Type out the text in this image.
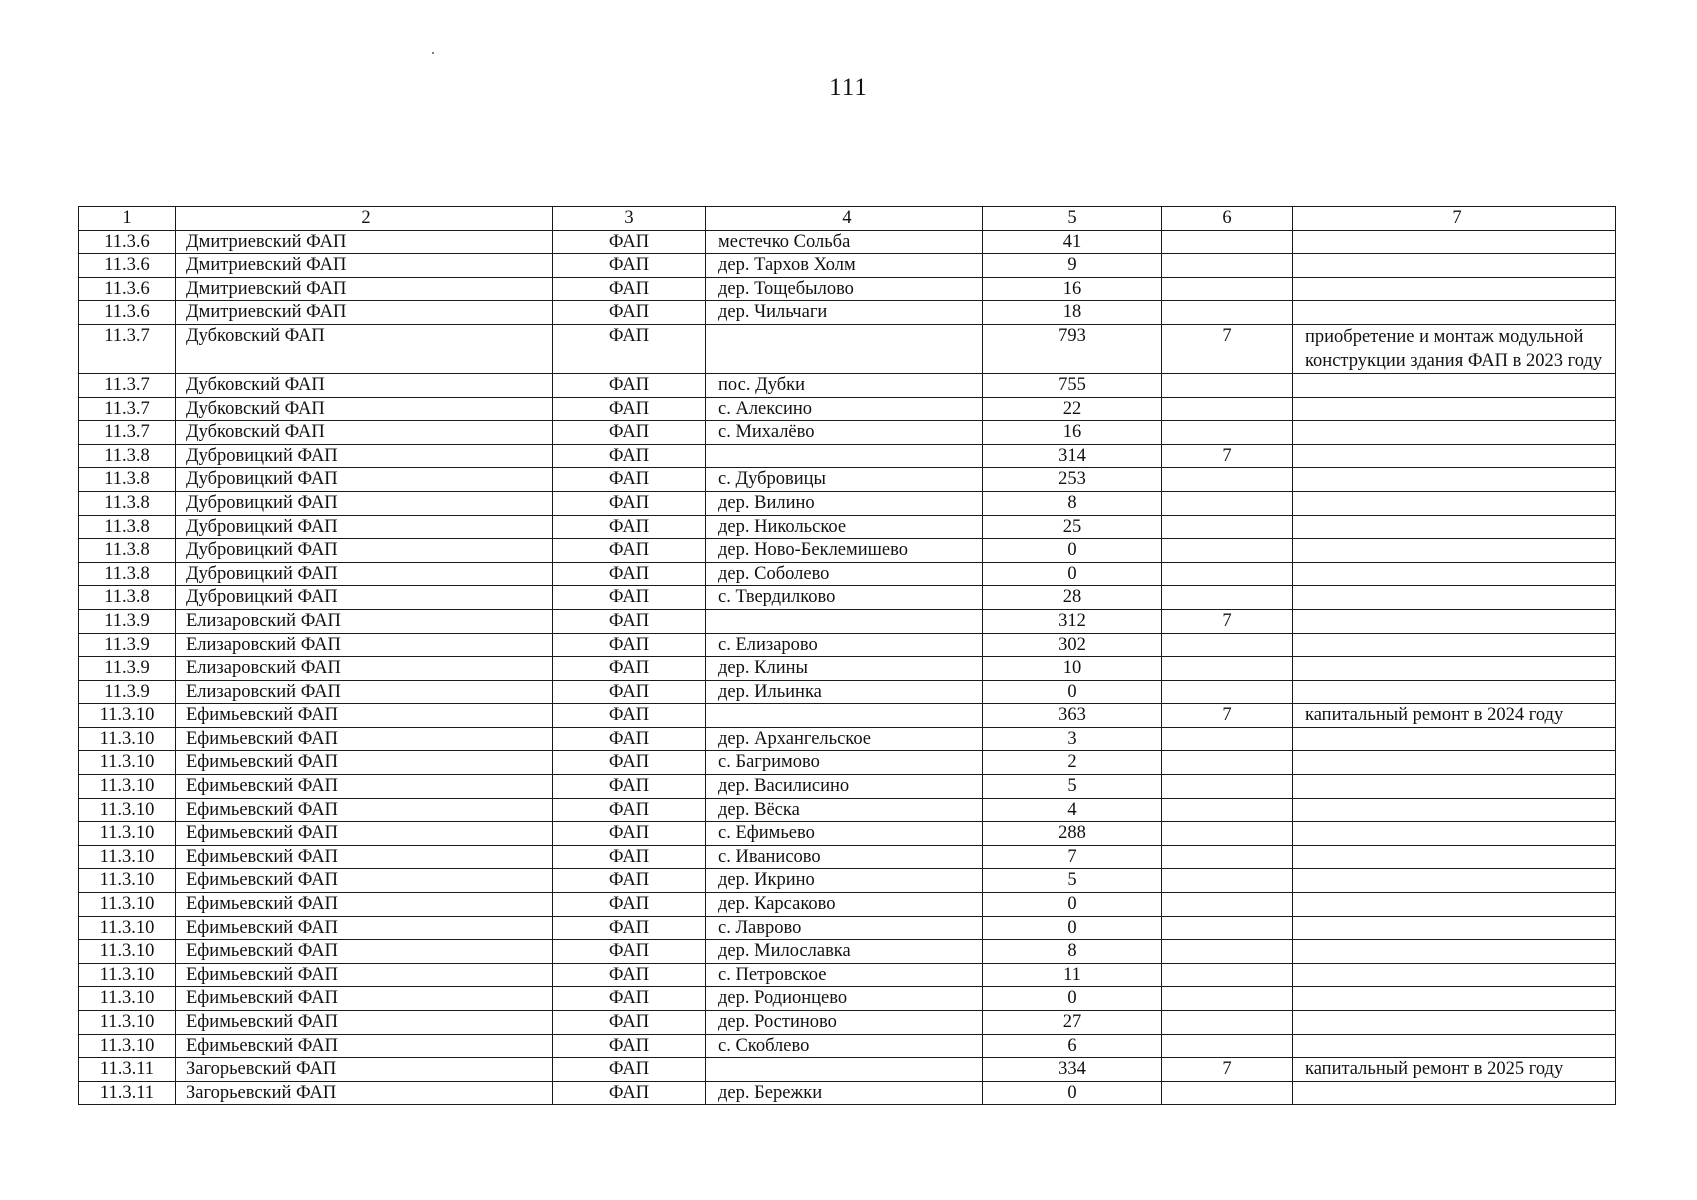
111
1	2	3	4	5	6	7
11.3.6	Дмитриевский ФАП	ФАП	местечко Сольба	41		
11.3.6	Дмитриевский ФАП	ФАП	дер. Тархов Холм	9		
11.3.6	Дмитриевский ФАП	ФАП	дер. Тощебылово	16		
11.3.6	Дмитриевский ФАП	ФАП	дер. Чильчаги	18		
11.3.7	Дубковский ФАП	ФАП		793	7	приобретение и монтаж модульной конструкции здания ФАП в 2023 году
11.3.7	Дубковский ФАП	ФАП	пос. Дубки	755		
11.3.7	Дубковский ФАП	ФАП	с. Алексино	22		
11.3.7	Дубковский ФАП	ФАП	с. Михалёво	16		
11.3.8	Дубровицкий ФАП	ФАП		314	7	
11.3.8	Дубровицкий ФАП	ФАП	с. Дубровицы	253		
11.3.8	Дубровицкий ФАП	ФАП	дер. Вилино	8		
11.3.8	Дубровицкий ФАП	ФАП	дер. Никольское	25		
11.3.8	Дубровицкий ФАП	ФАП	дер. Ново-Беклемишево	0		
11.3.8	Дубровицкий ФАП	ФАП	дер. Соболево	0		
11.3.8	Дубровицкий ФАП	ФАП	с. Твердилково	28		
11.3.9	Елизаровский ФАП	ФАП		312	7	
11.3.9	Елизаровский ФАП	ФАП	с. Елизарово	302		
11.3.9	Елизаровский ФАП	ФАП	дер. Клины	10		
11.3.9	Елизаровский ФАП	ФАП	дер. Ильинка	0		
11.3.10	Ефимьевский ФАП	ФАП		363	7	капитальный ремонт в 2024 году
11.3.10	Ефимьевский ФАП	ФАП	дер. Архангельское	3		
11.3.10	Ефимьевский ФАП	ФАП	с. Багримово	2		
11.3.10	Ефимьевский ФАП	ФАП	дер. Василисино	5		
11.3.10	Ефимьевский ФАП	ФАП	дер. Вёска	4		
11.3.10	Ефимьевский ФАП	ФАП	с. Ефимьево	288		
11.3.10	Ефимьевский ФАП	ФАП	с. Иванисово	7		
11.3.10	Ефимьевский ФАП	ФАП	дер. Икрино	5		
11.3.10	Ефимьевский ФАП	ФАП	дер. Карсаково	0		
11.3.10	Ефимьевский ФАП	ФАП	с. Лаврово	0		
11.3.10	Ефимьевский ФАП	ФАП	дер. Милославка	8		
11.3.10	Ефимьевский ФАП	ФАП	с. Петровское	11		
11.3.10	Ефимьевский ФАП	ФАП	дер. Родионцево	0		
11.3.10	Ефимьевский ФАП	ФАП	дер. Ростиново	27		
11.3.10	Ефимьевский ФАП	ФАП	с. Скоблево	6		
11.3.11	Загорьевский ФАП	ФАП		334	7	капитальный ремонт в 2025 году
11.3.11	Загорьевский ФАП	ФАП	дер. Бережки	0		
